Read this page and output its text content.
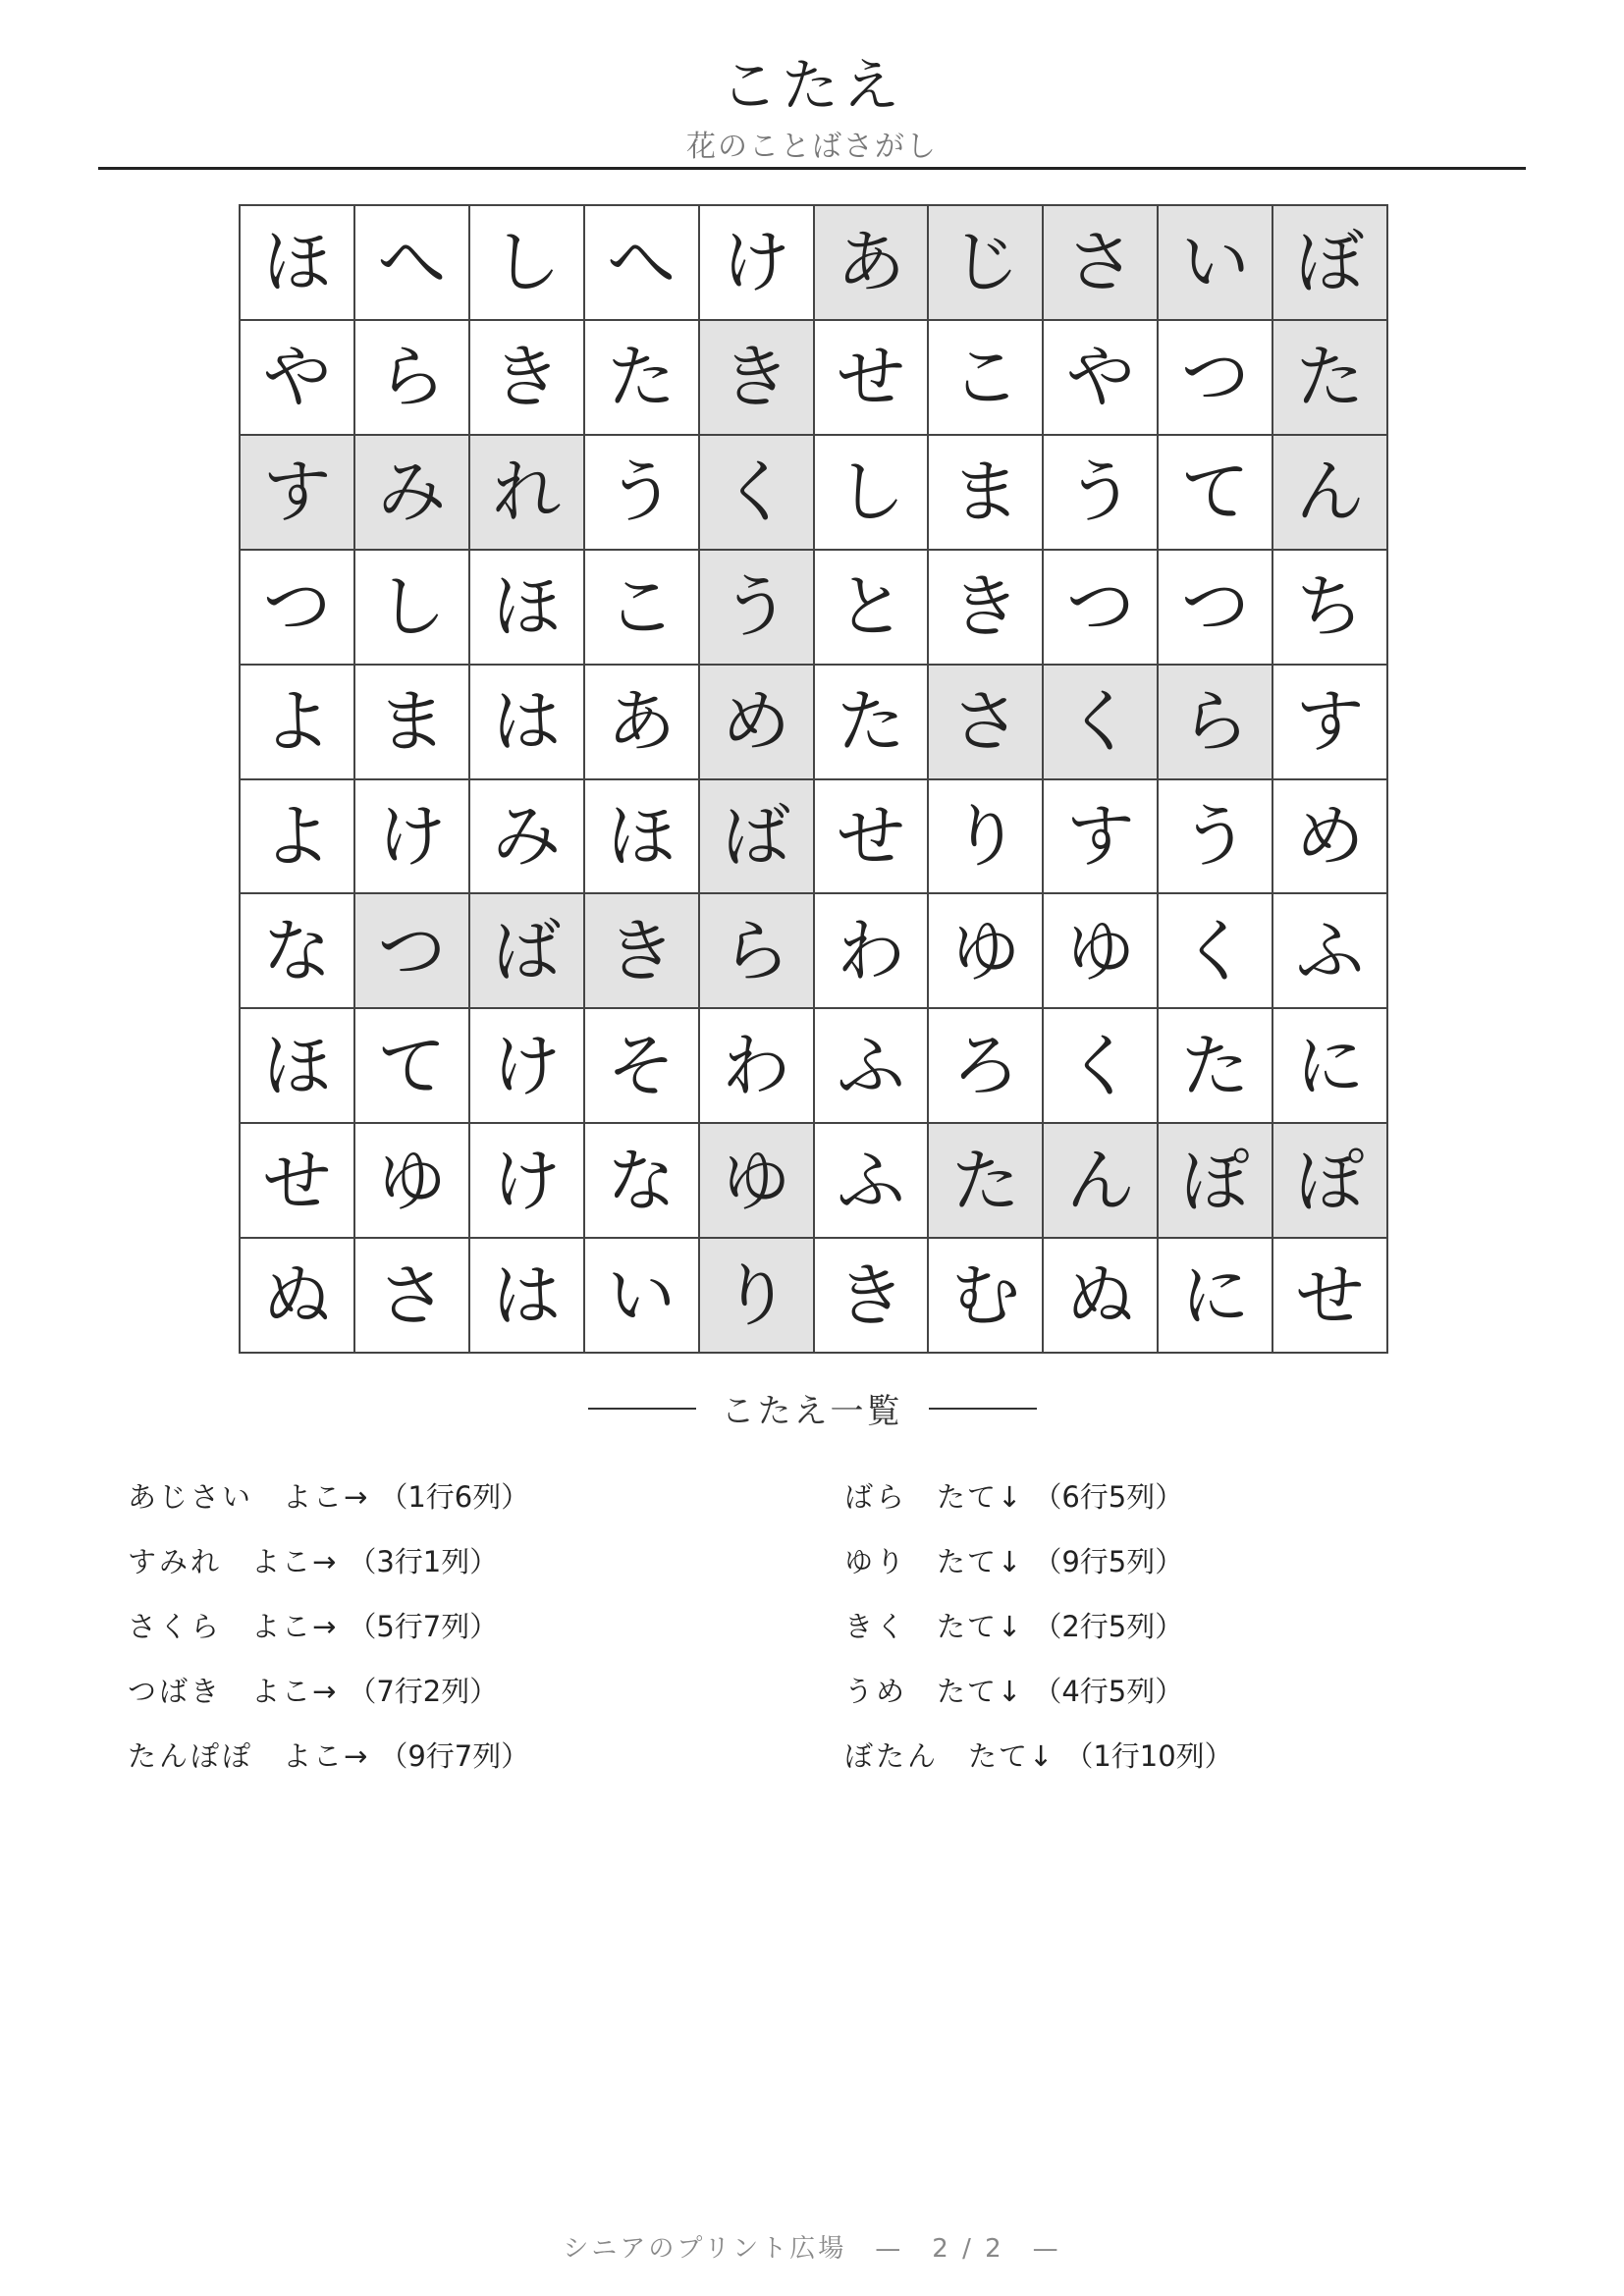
こたえ
花のことばさがし
ほ へ し へ け あ じ さ い ぼ
や ら き た き せ こ や つ た
す み れ う く し ま う て ん
つ し ほ こ う と き つ つ ち
よ ま は あ め た さ く ら す
よ け み ほ ば せ り す う め
な つ ば き ら わ ゆ ゆ く ふ
ほ て け そ わ ふ ろ く た に
せ ゆ け な ゆ ふ た ん ぽ ぽ
ぬ さ は い り き む ぬ に せ
こたえ一覧
あじさい よこ→ （1行6列）
すみれ よこ→ （3行1列）
さくら よこ→ （5行7列）
つばき よこ→ （7行2列）
たんぽぽ よこ→ （9行7列）
ばら たて↓ （6行5列）
ゆり たて↓ （9行5列）
きく たて↓ （2行5列）
うめ たて↓ （4行5列）
ぼたん たて↓ （1行10列）
シニアのプリント広場　—　2 / 2　—
